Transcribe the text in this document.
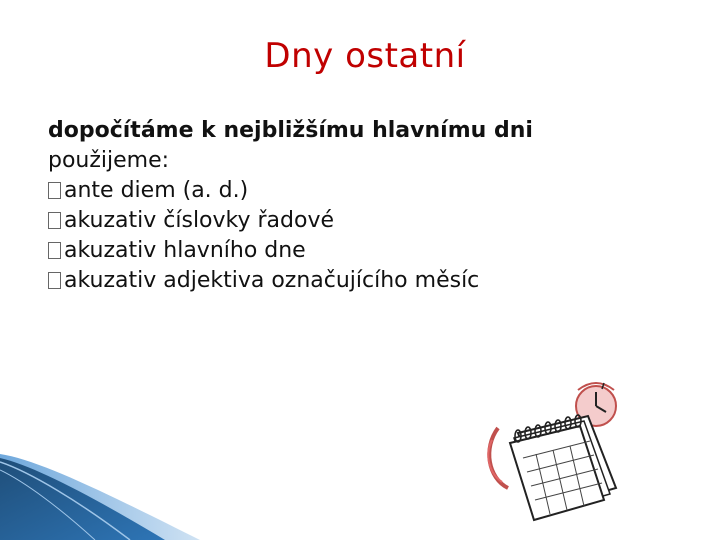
Dny ostatní
dopočítáme k nejbližšímu hlavnímu dni
použijeme:
ante diem (a. d.)
akuzativ číslovky řadové
akuzativ hlavního dne
akuzativ adjektiva označujícího měsíc
